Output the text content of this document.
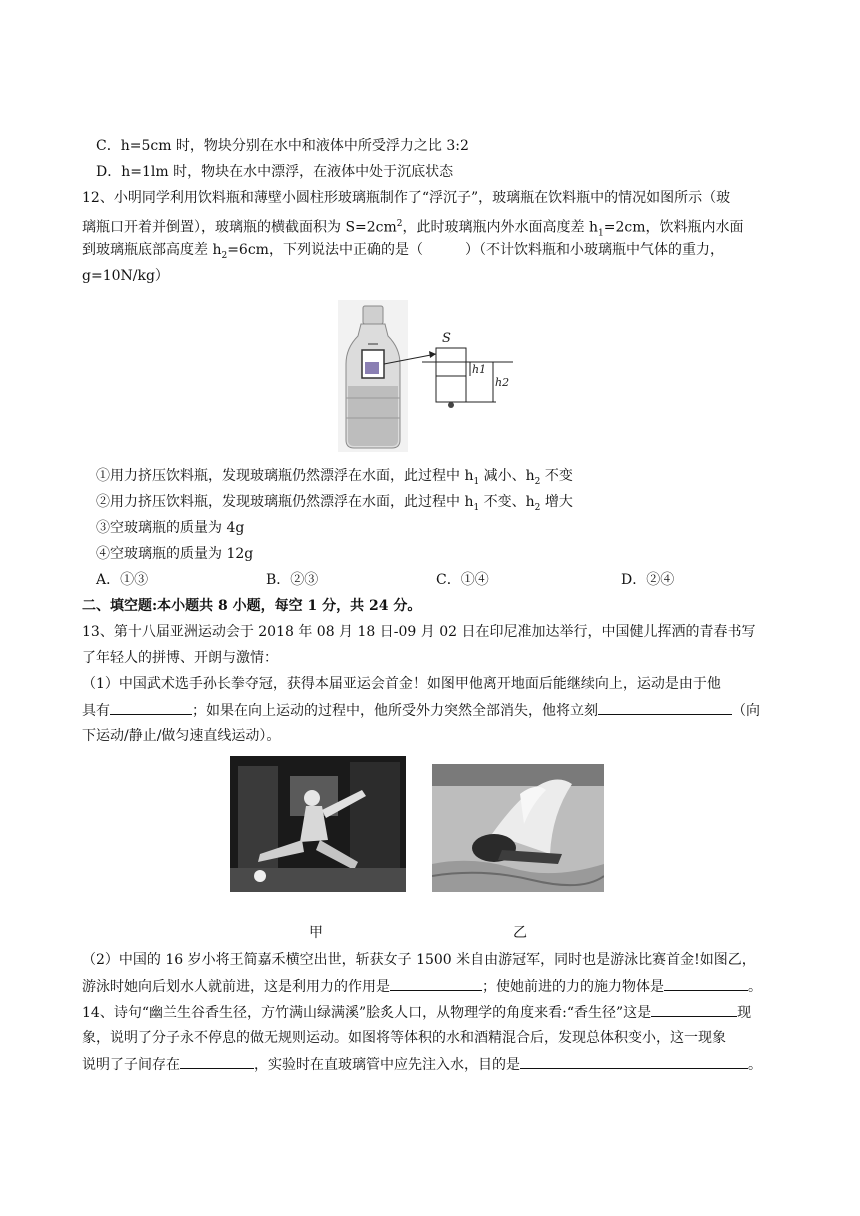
C．h=5cm 时，物块分别在水中和液体中所受浮力之比 3:2
D．h=1lm 时，物块在水中漂浮，在液体中处于沉底状态
12、小明同学利用饮料瓶和薄壁小圆柱形玻璃瓶制作了“浮沉子”，玻璃瓶在饮料瓶中的情况如图所示（玻
璃瓶口开着并倒置），玻璃瓶的横截面积为 $S=2cm^2$，此时玻璃瓶内外水面高度差 $h_1=2cm$，饮料瓶内水面
到玻璃瓶底部高度差 $h_2=6cm$，下列说法中正确的是（	）（不计饮料瓶和小玻璃瓶中气体的重力，
g=10N/kg）
S
h1
h2
①用力挤压饮料瓶，发现玻璃瓶仍然漂浮在水面，此过程中 $h_1$ 减小、$h_2$ 不变
②用力挤压饮料瓶，发现玻璃瓶仍然漂浮在水面，此过程中 $h_1$ 不变、$h_2$ 增大
③空玻璃瓶的质量为 4g
④空玻璃瓶的质量为 12g
A．①③	B．②③	C．①④	D．②④
二、填空题:本小题共 8 小题，每空 1 分，共 24 分。
13、第十八届亚洲运动会于 2018 年 08 月 18 日-09 月 02 日在印尼准加达举行，中国健儿挥洒的青春书写
了年轻人的拼博、开朗与激情：
（1）中国武术选手孙长拳夺冠，获得本届亚运会首金！如图甲他离开地面后能继续向上，运动是由于他
具有	；如果在向上运动的过程中，他所受外力突然全部消失，他将立刻	（向
下运动/静止/做匀速直线运动）。
甲	乙
（2）中国的 16 岁小将王简嘉禾横空出世，斩获女子 1500 米自由游冠军，同时也是游泳比赛首金!如图乙，
游泳时她向后划水人就前进，这是利用力的作用是	；使她前进的力的施力物体是	。
14、诗句“幽兰生谷香生径，方竹满山绿满溪”脍炙人口，从物理学的角度来看:“香生径”这是	现
象，说明了分子永不停息的做无规则运动。如图将等体积的水和酒精混合后，发现总体积变小，这一现象
说明了子间存在	，实验时在直玻璃管中应先注入水，目的是	。
